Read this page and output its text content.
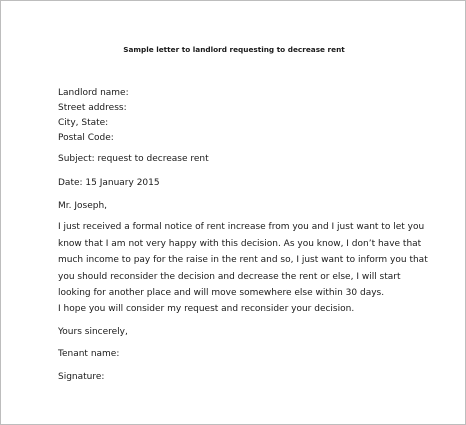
Sample letter to landlord requesting to decrease rent
Landlord name:
Street address:
City, State:
Postal Code:
Subject: request to decrease rent
Date: 15 January 2015
Mr. Joseph,
I just received a formal notice of rent increase from you and I just want to let you
know that I am not very happy with this decision. As you know, I don’t have that
much income to pay for the raise in the rent and so, I just want to inform you that
you should reconsider the decision and decrease the rent or else, I will start
looking for another place and will move somewhere else within 30 days.
I hope you will consider my request and reconsider your decision.
Yours sincerely,
Tenant name:
Signature:
